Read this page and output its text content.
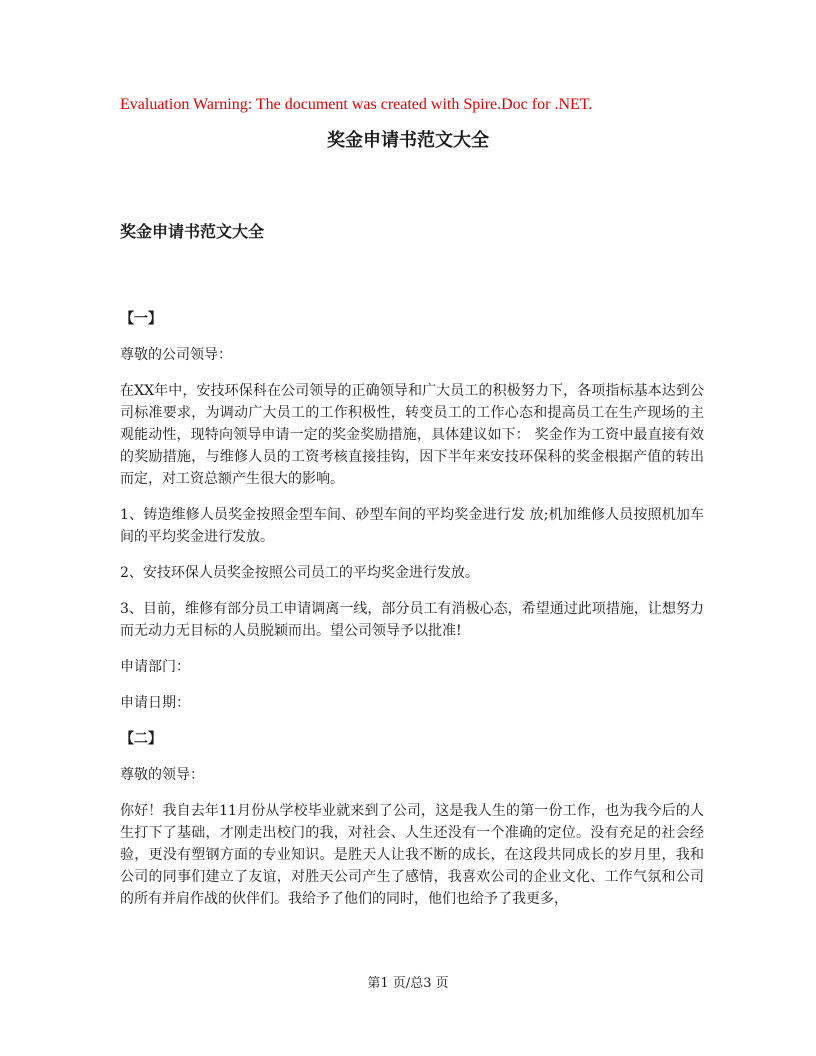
Evaluation Warning: The document was created with Spire.Doc for .NET.
奖金申请书范文大全

奖金申请书范文大全

【一】

尊敬的公司领导：

在XX年中，安技环保科在公司领导的正确领导和广大员工的积极努力下，各项指标基本达到公司标准要求，为调动广大员工的工作积极性，转变员工的工作心态和提高员工在生产现场的主观能动性，现特向领导申请一定的奖金奖励措施，具体建议如下： 奖金作为工资中最直接有效的奖励措施，与维修人员的工资考核直接挂钩，因下半年来安技环保科的奖金根据产值的转出而定，对工资总额产生很大的影响。

1、铸造维修人员奖金按照金型车间、砂型车间的平均奖金进行发 放;机加维修人员按照机加车间的平均奖金进行发放。

2、安技环保人员奖金按照公司员工的平均奖金进行发放。

3、目前，维修有部分员工申请调离一线，部分员工有消极心态，希望通过此项措施，让想努力而无动力无目标的人员脱颖而出。望公司领导予以批准!

申请部门：

申请日期：

【二】

尊敬的领导：

你好！我自去年11月份从学校毕业就来到了公司，这是我人生的第一份工作，也为我今后的人生打下了基础，才刚走出校门的我，对社会、人生还没有一个准确的定位。没有充足的社会经验，更没有塑钢方面的专业知识。是胜天人让我不断的成长，在这段共同成长的岁月里，我和公司的同事们建立了友谊，对胜天公司产生了感情，我喜欢公司的企业文化、工作气氛和公司的所有并肩作战的伙伴们。我给予了他们的同时，他们也给予了我更多，

第1 页/总3 页
